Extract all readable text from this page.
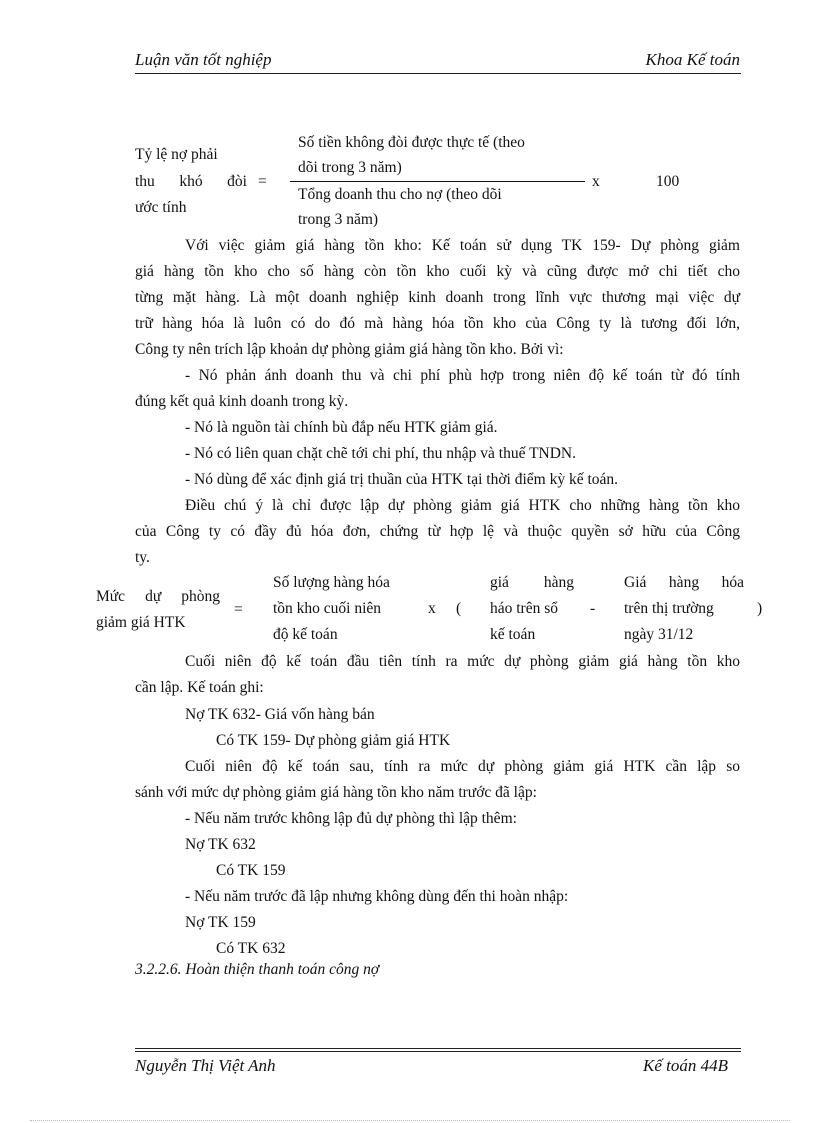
Luận văn tốt nghiệp	Khoa Kế toán
Tỷ lệ nợ phải
thu khó đòi
ước tính
=
Số tiền không đòi được thực tế (theo
dõi trong 3 năm)
Tổng doanh thu cho nợ (theo dõi
trong 3 năm)
x	100
Với việc giảm giá hàng tồn kho: Kế toán sử dụng TK 159- Dự phòng giảm
giá hàng tồn kho cho số hàng còn tồn kho cuối kỳ và cũng được mở chi tiết cho
từng mặt hàng. Là một doanh nghiệp kinh doanh trong lĩnh vực thương mại việc dự
trữ hàng hóa là luôn có do đó mà hàng hóa tồn kho của Công ty là tương đối lớn,
Công ty nên trích lập khoản dự phòng giảm giá hàng tồn kho. Bởi vì:
- Nó phản ánh doanh thu và chi phí phù hợp trong niên độ kế toán từ đó tính
đúng kết quả kinh doanh trong kỳ.
- Nó là nguồn tài chính bù đắp nếu HTK giảm giá.
- Nó có liên quan chặt chẽ tới chi phí, thu nhập và thuế TNDN.
- Nó dùng để xác định giá trị thuần của HTK tại thời điểm kỳ kế toán.
Điều chú ý là chỉ được lập dự phòng giảm giá HTK cho những hàng tồn kho
của Công ty có đầy đủ hóa đơn, chứng từ hợp lệ và thuộc quyền sở hữu của Công
ty.
Mức dự phòng
giảm giá HTK
=
Số lượng hàng hóa
tồn kho cuối niên
độ kế toán
x (
giá hàng
háo trên sổ
kế toán
-
Giá hàng hóa
trên thị trường
ngày 31/12
)
Cuối niên độ kế toán đầu tiên tính ra mức dự phòng giảm giá hàng tồn kho
cần lập. Kế toán ghi:
Nợ TK 632- Giá vốn hàng bán
Có TK 159- Dự phòng giảm giá HTK
Cuối niên độ kế toán sau, tính ra mức dự phòng giảm giá HTK cần lập so
sánh với mức dự phòng giảm giá hàng tồn kho năm trước đã lập:
- Nếu năm trước không lập đủ dự phòng thì lập thêm:
Nợ TK 632
Có TK 159
- Nếu năm trước đã lập nhưng không dùng đến thi hoàn nhập:
Nợ TK 159
Có TK 632
3.2.2.6. Hoàn thiện thanh toán công nợ
Nguyễn Thị Việt Anh	Kế toán 44B
